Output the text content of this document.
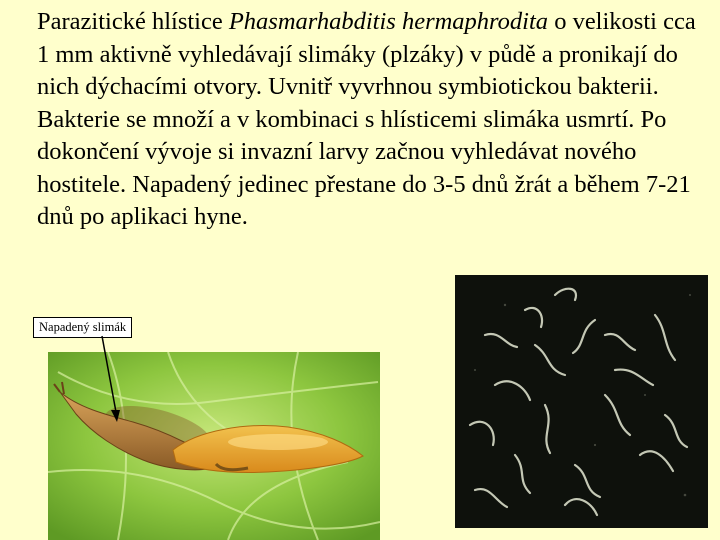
Parazitické hlístice Phasmarhabditis hermaphrodita o velikosti cca 1 mm aktivně vyhledávají slimáky (plzáky) v půdě a pronikají do nich dýchacími otvory. Uvnitř vyvrhnou symbiotickou bakterii. Bakterie se množí a v kombinaci s hlísticemi slimáka usmrtí. Po dokončení vývoje si invazní larvy začnou vyhledávat nového hostitele. Napadený jedinec přestane do 3-5 dnů žrát a během 7-21 dnů po aplikaci hyne.

Napadený slimák
